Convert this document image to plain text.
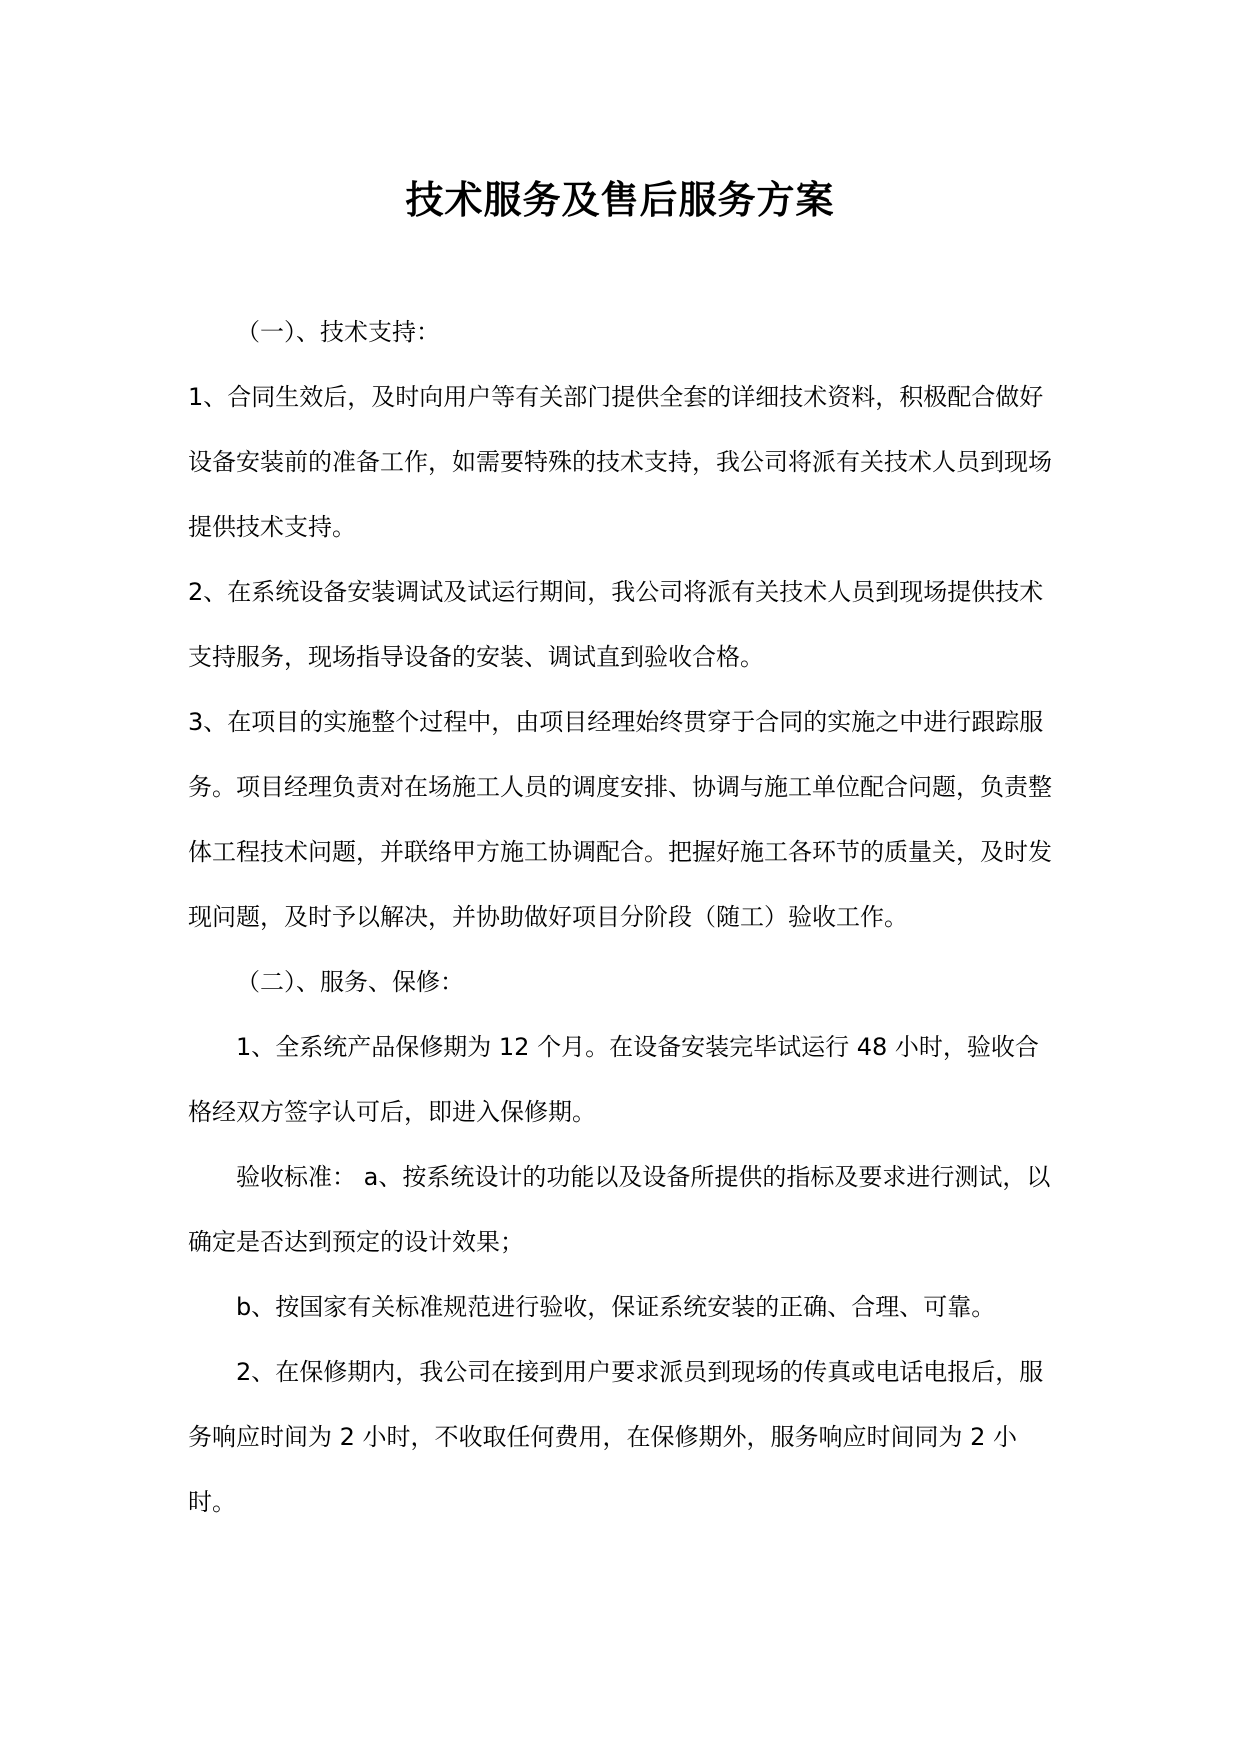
技术服务及售后服务方案

（一）、技术支持：

1、合同生效后，及时向用户等有关部门提供全套的详细技术资料，积极配合做好设备安装前的准备工作，如需要特殊的技术支持，我公司将派有关技术人员到现场提供技术支持。

2、在系统设备安装调试及试运行期间，我公司将派有关技术人员到现场提供技术支持服务，现场指导设备的安装、调试直到验收合格。

3、在项目的实施整个过程中，由项目经理始终贯穿于合同的实施之中进行跟踪服务。项目经理负责对在场施工人员的调度安排、协调与施工单位配合问题，负责整体工程技术问题，并联络甲方施工协调配合。把握好施工各环节的质量关，及时发现问题，及时予以解决，并协助做好项目分阶段（随工）验收工作。

（二）、服务、保修：

1、全系统产品保修期为 12 个月。在设备安装完毕试运行 48 小时，验收合格经双方签字认可后，即进入保修期。

验收标准： a、按系统设计的功能以及设备所提供的指标及要求进行测试，以确定是否达到预定的设计效果；

b、按国家有关标准规范进行验收，保证系统安装的正确、合理、可靠。

2、在保修期内，我公司在接到用户要求派员到现场的传真或电话电报后，服务响应时间为 2 小时，不收取任何费用，在保修期外，服务响应时间同为 2 小时。
